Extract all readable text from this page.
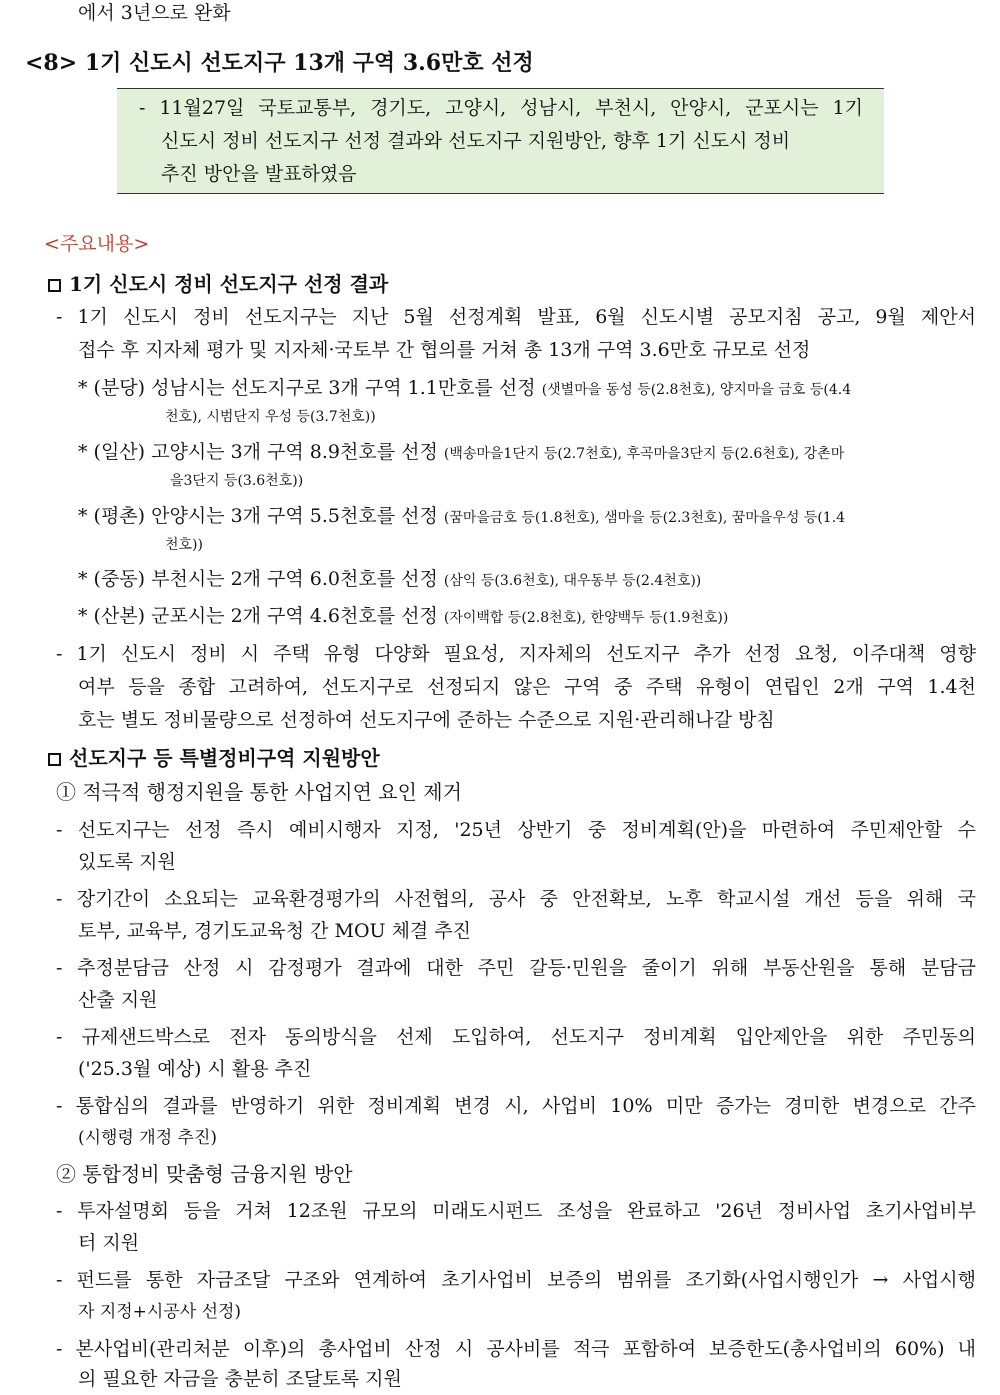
에서 3년으로 완화
<8> 1기 신도시 선도지구 13개 구역 3.6만호 선정
- 11월27일 국토교통부, 경기도, 고양시, 성남시, 부천시, 안양시, 군포시는 1기
신도시 정비 선도지구 선정 결과와 선도지구 지원방안, 향후 1기 신도시 정비
추진 방안을 발표하였음
<주요내용>
1기 신도시 정비 선도지구 선정 결과
- 1기 신도시 정비 선도지구는 지난 5월 선정계획 발표, 6월 신도시별 공모지침 공고, 9월 제안서
접수 후 지자체 평가 및 지자체·국토부 간 협의를 거쳐 총 13개 구역 3.6만호 규모로 선정
* (분당) 성남시는 선도지구로 3개 구역 1.1만호를 선정 (샛별마을 동성 등(2.8천호), 양지마을 금호 등(4.4
천호), 시범단지 우성 등(3.7천호))
* (일산) 고양시는 3개 구역 8.9천호를 선정 (백송마을1단지 등(2.7천호), 후곡마을3단지 등(2.6천호), 강촌마
을3단지 등(3.6천호))
* (평촌) 안양시는 3개 구역 5.5천호를 선정 (꿈마을금호 등(1.8천호), 샘마을 등(2.3천호), 꿈마을우성 등(1.4
천호))
* (중동) 부천시는 2개 구역 6.0천호를 선정 (삼익 등(3.6천호), 대우동부 등(2.4천호))
* (산본) 군포시는 2개 구역 4.6천호를 선정 (자이백합 등(2.8천호), 한양백두 등(1.9천호))
- 1기 신도시 정비 시 주택 유형 다양화 필요성, 지자체의 선도지구 추가 선정 요청, 이주대책 영향
여부 등을 종합 고려하여, 선도지구로 선정되지 않은 구역 중 주택 유형이 연립인 2개 구역 1.4천
호는 별도 정비물량으로 선정하여 선도지구에 준하는 수준으로 지원·관리해나갈 방침
선도지구 등 특별정비구역 지원방안
① 적극적 행정지원을 통한 사업지연 요인 제거
- 선도지구는 선정 즉시 예비시행자 지정, '25년 상반기 중 정비계획(안)을 마련하여 주민제안할 수
있도록 지원
- 장기간이 소요되는 교육환경평가의 사전협의, 공사 중 안전확보, 노후 학교시설 개선 등을 위해 국
토부, 교육부, 경기도교육청 간 MOU 체결 추진
- 추정분담금 산정 시 감정평가 결과에 대한 주민 갈등·민원을 줄이기 위해 부동산원을 통해 분담금
산출 지원
- 규제샌드박스로 전자 동의방식을 선제 도입하여, 선도지구 정비계획 입안제안을 위한 주민동의
('25.3월 예상) 시 활용 추진
- 통합심의 결과를 반영하기 위한 정비계획 변경 시, 사업비 10% 미만 증가는 경미한 변경으로 간주
(시행령 개정 추진)
② 통합정비 맞춤형 금융지원 방안
- 투자설명회 등을 거쳐 12조원 규모의 미래도시펀드 조성을 완료하고 '26년 정비사업 초기사업비부
터 지원
- 펀드를 통한 자금조달 구조와 연계하여 초기사업비 보증의 범위를 조기화(사업시행인가 → 사업시행
자 지정+시공사 선정)
- 본사업비(관리처분 이후)의 총사업비 산정 시 공사비를 적극 포함하여 보증한도(총사업비의 60%) 내
의 필요한 자금을 충분히 조달토록 지원
